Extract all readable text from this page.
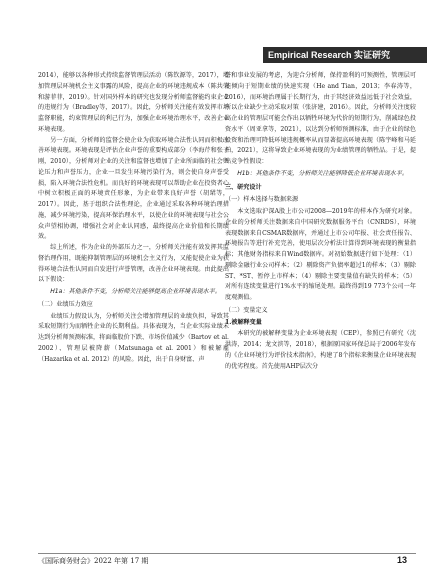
Empirical Research 实证研究

2014），能够以各种形式持续监督管理层活动（陈钦源等，2017），增加管理层环境机会主义事露的风险，提高企业的环境违规成本（陈共荣和游菲菲，2019）。针对国外样本的研究也发现分析师监督能约束企业的违规行为（Bradley等，2017）。因此，分析师关注能有效发挥市场监督职能，约束管理层的利己行为，加强企业环境治理水平，改善企业环境表现。

另一方面，分析师的监督会使企业为获取环境合法性认同而积极改善环境表现。环境表现是评估企业声誉的重要构成部分（李海芹和张子刚，2010），分析师对企业的关注和监督也增加了企业所面临的社会舆论压力和声誉压力，企业一旦发生环境污染行为，则会使自身声誉受损，陷入环境合法性危机。而良好的环境表现可以帮助企业在投资者心中树立积极正面的环境责任形象，为企业带来良好声誉（胡珺等，2017）。因此，基于组织合法性理论，企业通过采取各种环境治理措施，减少环境污染，提高环保治理水平，以使企业的环境表现与社会公众声望相协调，增强社会对企业认同感，最终提高企业价值和长期绩效。

综上所述，作为企业的外部压力之一，分析师关注能有效发挥其监督治理作用，既能抑制管理层的环境机会主义行为，又能促使企业为获得环境合法性认同而自发进行声誉管理，改善企业环境表现。由此提出以下假设：

H1a：其他条件不变，分析师关注能够提高企业环境表现水平。

（二）业绩压力效应

业绩压力假设认为，分析师关注会增加管理层的业绩负担，导致其采取短期行为而牺牲企业的长期利益。具体表现为，当企业实际业绩未达到分析师预测标准，将面临股价下跌、市场价值减少（Bartov et al. 2002）、管理层被降薪（Matsunaga et al. 2001）和被解雇（Hazarika et al. 2012）的风险。因此，出于自身财富、声

誉和事业发展的考虑，为迎合分析师，保持盈利的可预测性，管理层可能倾向于短期业绩的快速实现（He and Tian，2013；李春涛等，2016），而环境治理属于长期行为，由于其经济效益远低于社会效益，所以企业缺少主动采取对策（张济建，2016）。因此，分析师关注度较高企业的管理层可能会作出以牺牲环境为代价的短期行为，削减绿色投资水平（周亚拿等，2021），以达到分析师预测标准，由于企业的绿色投资和治理可降低环境违规概率从而显著提高环境表现（陈宇峰和马延柏，2021），这将导致企业环境表现的为业绩管理的牺牲品。于是，提出竞争性假设：

H1b：其他条件不变，分析师关注能够降低企业环境表现水平。

三、研究设计

（一）样本选择与数据来源

本文选取沪深A股上市公司2008—2019年的样本作为研究对象。企业的分析师关注数据来自中国研究数据服务平台（CNRDS），环境表现数据来自CSMAR数据库，并通过上市公司年报、社会责任报告、环境报告等进行补充完善，使用层次分析法计算得到环境表现的衡量指标；其他财务指标来自Wind数据库。对初始数据进行如下处理：（1）剔除金融行业公司样本；（2）剔除资产负债率超过1的样本；（3）剔除ST、*ST、暂停上市样本；（4）剔除主要变量值有缺失的样本；（5）对所有连续变量进行1%水平的缩尾处理。最终得到19 773个公司一年度观测值。

（二）变量定义

1.被解释变量

本研究的被解释变量为企业环境表现（CEP），参照已有研究（沈洪涛，2014；龙文滨等，2018），根据原国家环保总局于2006年发布的《企业环境行为评价技术指南》，构建了8个指标来衡量企业环境表现的优劣程度。首先使用AHP层次分

《国际商务财会》2022 年第 17 期	13
